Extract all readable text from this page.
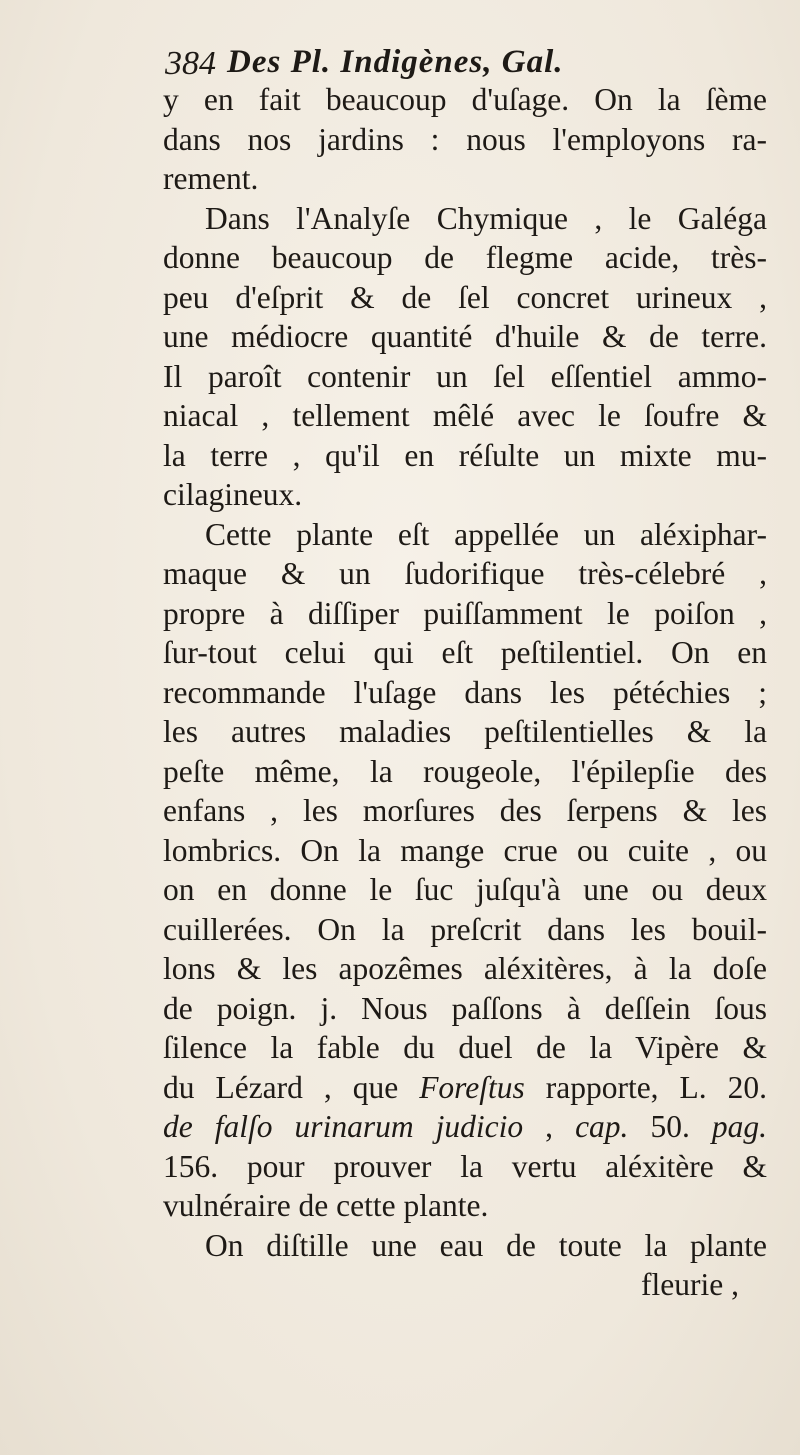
384 Des Pl. Indigènes, Gal.
y en fait beaucoup d'uſage. On la ſème
dans nos jardins : nous l'employons ra-
rement.
Dans l'Analyſe Chymique , le Galéga
donne beaucoup de flegme acide, très-
peu d'eſprit & de ſel concret urineux ,
une médiocre quantité d'huile & de terre.
Il paroît contenir un ſel eſſentiel ammo-
niacal , tellement mêlé avec le ſoufre &
la terre , qu'il en réſulte un mixte mu-
cilagineux.
Cette plante eſt appellée un aléxiphar-
maque & un ſudorifique très-célebré ,
propre à diſſiper puiſſamment le poiſon ,
ſur-tout celui qui eſt peſtilentiel. On en
recommande l'uſage dans les pétéchies ;
les autres maladies peſtilentielles & la
peſte même, la rougeole, l'épilepſie des
enfans , les morſures des ſerpens & les
lombrics. On la mange crue ou cuite , ou
on en donne le ſuc juſqu'à une ou deux
cuillerées. On la preſcrit dans les bouil-
lons & les apozêmes aléxitères, à la doſe
de poign. j. Nous paſſons à deſſein ſous
ſilence la fable du duel de la Vipère &
du Lézard , que Foreſtus rapporte, L. 20.
de falſo urinarum judicio , cap. 50. pag.
156. pour prouver la vertu aléxitère &
vulnéraire de cette plante.
On diſtille une eau de toute la plante
fleurie ,
